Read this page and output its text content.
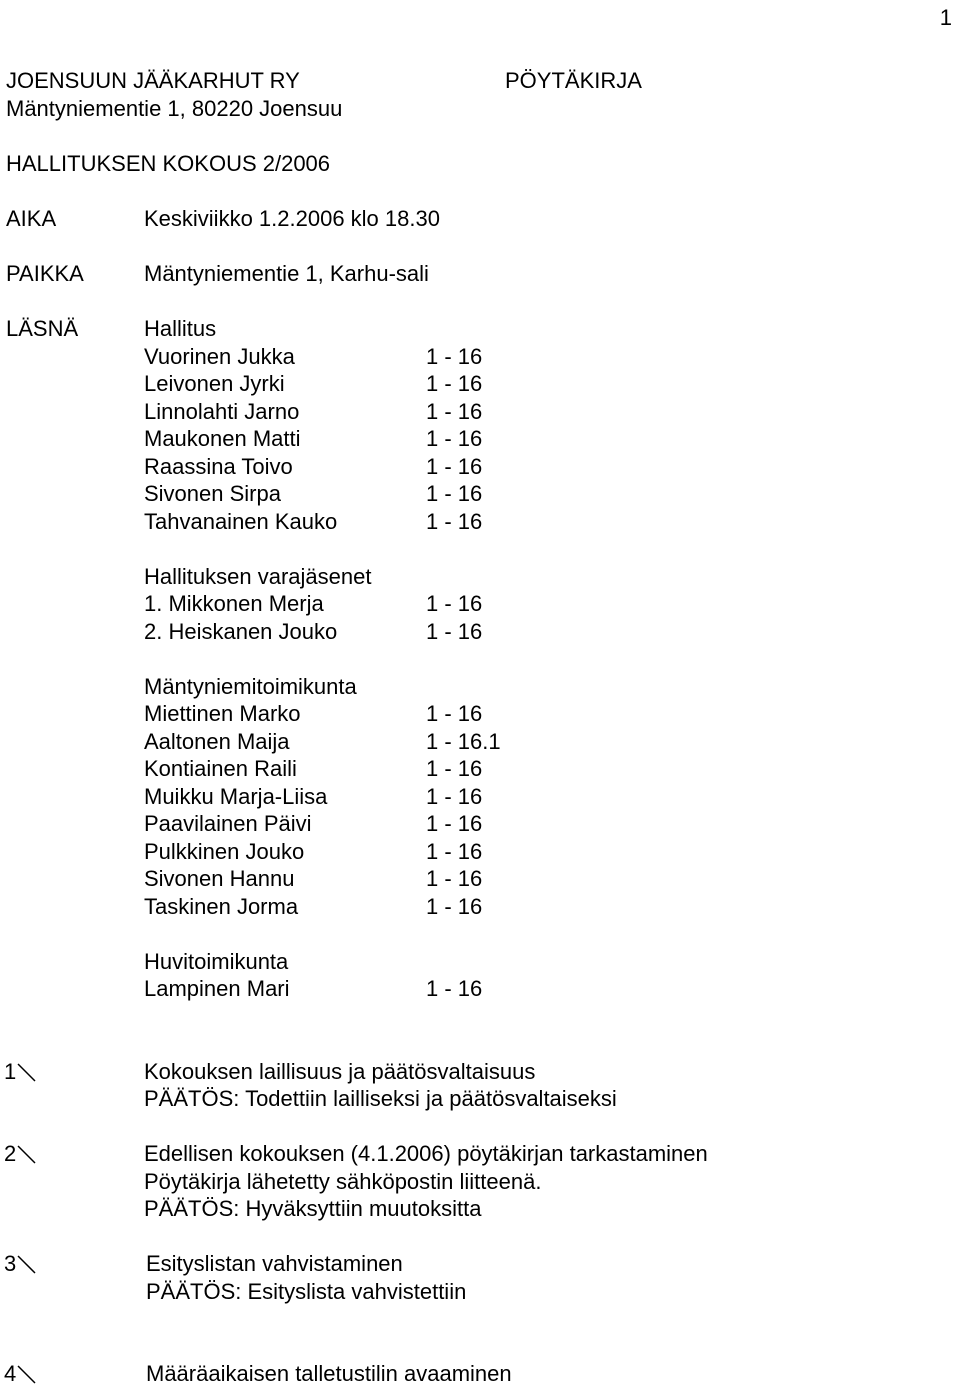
1
JOENSUUN JÄÄKARHUT RY	PÖYTÄKIRJA
Mäntyniementie 1, 80220 Joensuu
HALLITUKSEN KOKOUS 2/2006
AIKA	Keskiviikko 1.2.2006 klo 18.30
PAIKKA	Mäntyniementie 1, Karhu-sali
LÄSNÄ	Hallitus
Vuorinen Jukka	1 - 16
Leivonen Jyrki	1 - 16
Linnolahti Jarno	1 - 16
Maukonen Matti	1 - 16
Raassina Toivo	1 - 16
Sivonen Sirpa	1 - 16
Tahvanainen Kauko	1 - 16
Hallituksen varajäsenet
1. Mikkonen Merja	1 - 16
2. Heiskanen Jouko	1 - 16
Mäntyniemitoimikunta
Miettinen Marko	1 - 16
Aaltonen Maija	1 - 16.1
Kontiainen Raili	1 - 16
Muikku Marja-Liisa	1 - 16
Paavilainen Päivi	1 - 16
Pulkkinen Jouko	1 - 16
Sivonen Hannu	1 - 16
Taskinen Jorma	1 - 16
Huvitoimikunta
Lampinen Mari	1 - 16
1	Kokouksen laillisuus ja päätösvaltaisuus
PÄÄTÖS: Todettiin lailliseksi ja päätösvaltaiseksi
2	Edellisen kokouksen (4.1.2006) pöytäkirjan tarkastaminen
Pöytäkirja lähetetty sähköpostin liitteenä.
PÄÄTÖS: Hyväksyttiin muutoksitta
3	Esityslistan vahvistaminen
PÄÄTÖS: Esityslista vahvistettiin
4	Määräaikaisen talletustilin avaaminen
